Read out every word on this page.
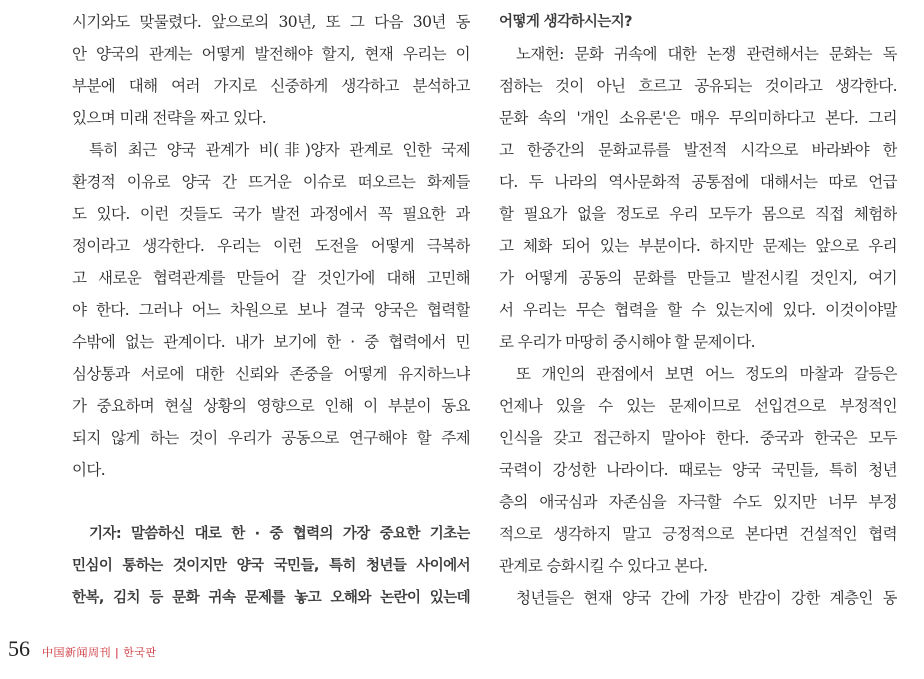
시기와도 맞물렸다. 앞으로의 30년, 또 그 다음 30년 동
안 양국의 관계는 어떻게 발전해야 할지, 현재 우리는 이
부분에 대해 여러 가지로 신중하게 생각하고 분석하고
있으며 미래 전략을 짜고 있다.
특히 최근 양국 관계가 비(非)양자 관계로 인한 국제
환경적 이유로 양국 간 뜨거운 이슈로 떠오르는 화제들
도 있다. 이런 것들도 국가 발전 과정에서 꼭 필요한 과
정이라고 생각한다. 우리는 이런 도전을 어떻게 극복하
고 새로운 협력관계를 만들어 갈 것인가에 대해 고민해
야 한다. 그러나 어느 차원으로 보나 결국 양국은 협력할
수밖에 없는 관계이다. 내가 보기에 한 · 중 협력에서 민
심상통과 서로에 대한 신뢰와 존중을 어떻게 유지하느냐
가 중요하며 현실 상황의 영향으로 인해 이 부분이 동요
되지 않게 하는 것이 우리가 공동으로 연구해야 할 주제
이다.
기자: 말씀하신 대로 한 · 중 협력의 가장 중요한 기초는
민심이 통하는 것이지만 양국 국민들, 특히 청년들 사이에서
한복, 김치 등 문화 귀속 문제를 놓고 오해와 논란이 있는데
어떻게 생각하시는지?
노재헌: 문화 귀속에 대한 논쟁 관련해서는 문화는 독
점하는 것이 아닌 흐르고 공유되는 것이라고 생각한다.
문화 속의 '개인 소유론'은 매우 무의미하다고 본다. 그리
고 한중간의 문화교류를 발전적 시각으로 바라봐야 한
다. 두 나라의 역사문화적 공통점에 대해서는 따로 언급
할 필요가 없을 정도로 우리 모두가 몸으로 직접 체험하
고 체화 되어 있는 부분이다. 하지만 문제는 앞으로 우리
가 어떻게 공동의 문화를 만들고 발전시킬 것인지, 여기
서 우리는 무슨 협력을 할 수 있는지에 있다. 이것이야말
로 우리가 마땅히 중시해야 할 문제이다.
또 개인의 관점에서 보면 어느 정도의 마찰과 갈등은
언제나 있을 수 있는 문제이므로 선입견으로 부정적인
인식을 갖고 접근하지 말아야 한다. 중국과 한국은 모두
국력이 강성한 나라이다. 때로는 양국 국민들, 특히 청년
층의 애국심과 자존심을 자극할 수도 있지만 너무 부정
적으로 생각하지 말고 긍정적으로 본다면 건설적인 협력
관계로 승화시킬 수 있다고 본다.
청년들은 현재 양국 간에 가장 반감이 강한 계층인 동
56 中国新闻周刊 | 한국판
